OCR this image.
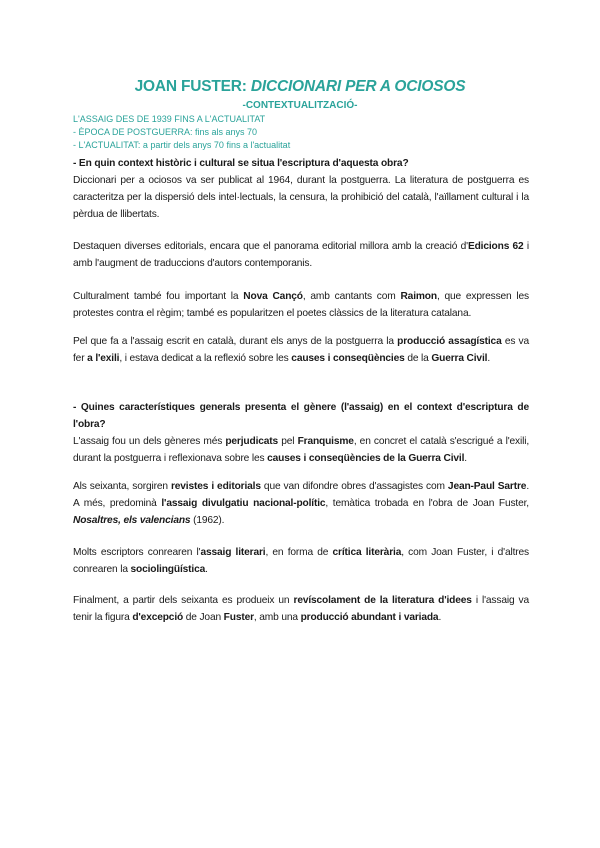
JOAN FUSTER: DICCIONARI PER A OCIOSOS
-CONTEXTUALITZACIÓ-
L'ASSAIG DES DE 1939 FINS A L'ACTUALITAT
- ÈPOCA DE POSTGUERRA: fins als anys 70
- L'ACTUALITAT: a partir dels anys 70 fins a l'actualitat
- En quin context històric i cultural se situa l'escriptura d'aquesta obra?
Diccionari per a ociosos va ser publicat al 1964, durant la postguerra. La literatura de postguerra es caracteritza per la dispersió dels intel·lectuals, la censura, la prohibició del català, l'aïllament cultural i la pèrdua de llibertats.
Destaquen diverses editorials, encara que el panorama editorial millora amb la creació d'Edicions 62 i amb l'augment de traduccions d'autors contemporanis.
Culturalment també fou important la Nova Cançó, amb cantants com Raimon, que expressen les protestes contra el règim; també es popularitzen el poetes clàssics de la literatura catalana.
Pel que fa a l'assaig escrit en català, durant els anys de la postguerra la producció assagística es va fer a l'exili, i estava dedicat a la reflexió sobre les causes i conseqüències de la Guerra Civil.
- Quines característiques generals presenta el gènere (l'assaig) en el context d'escriptura de l'obra?
L'assaig fou un dels gèneres més perjudicats pel Franquisme, en concret el català s'escrigué a l'exili, durant la postguerra i reflexionava sobre les causes i conseqüències de la Guerra Civil.
Als seixanta, sorgiren revistes i editorials que van difondre obres d'assagistes com Jean-Paul Sartre. A més, predominà l'assaig divulgatiu nacional-polític, temàtica trobada en l'obra de Joan Fuster, Nosaltres, els valencians (1962).
Molts escriptors conrearen l'assaig literari, en forma de crítica literària, com Joan Fuster, i d'altres conrearen la sociolingüística.
Finalment, a partir dels seixanta es produeix un revíscolament de la literatura d'idees i l'assaig va tenir la figura d'excepció de Joan Fuster, amb una producció abundant i variada.
